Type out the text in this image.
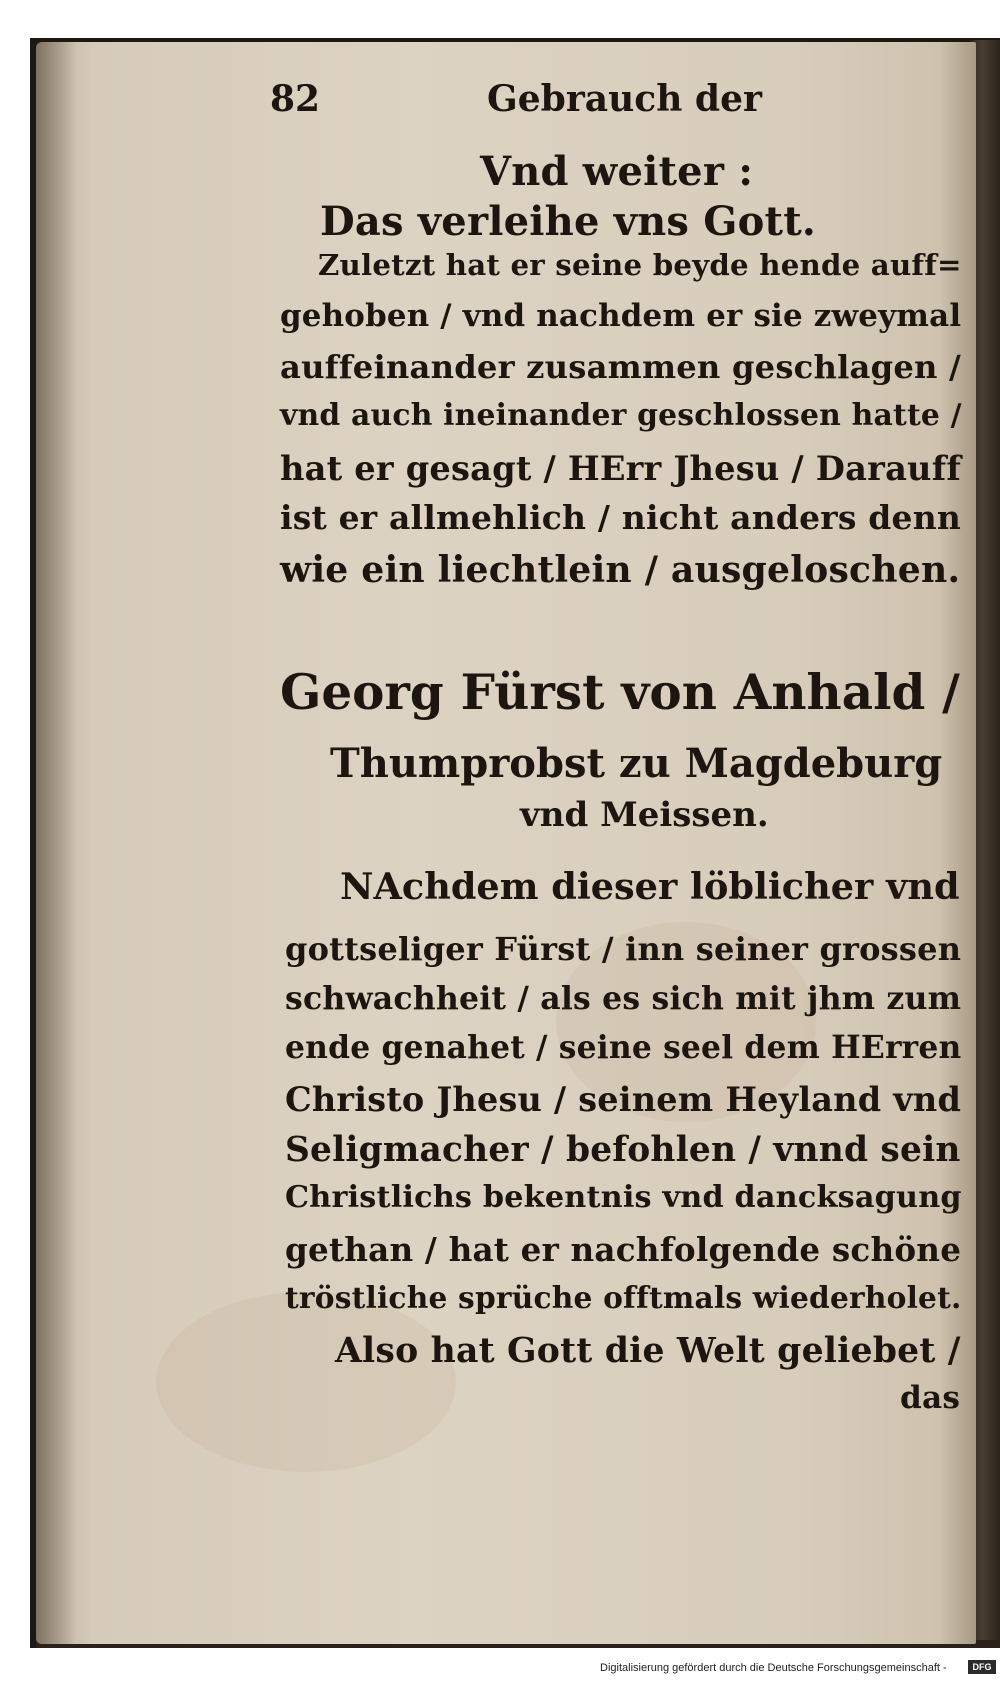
82	Gebrauch der
Vnd weiter :
Das verleihe vns Gott.
Zuletzt hat er seine beyde hende auff=
gehoben / vnd nachdem er sie zweymal
auffeinander zusammen geschlagen /
vnd auch ineinander geschlossen hatte /
hat er gesagt / HErr Jhesu / Darauff
ist er allmehlich / nicht anders denn
wie ein liechtlein / ausgeloschen.
Georg Fürst von Anhald /
Thumprobst zu Magdeburg
vnd Meissen.
NAchdem dieser löblicher vnd
gottseliger Fürst / inn seiner grossen
schwachheit / als es sich mit jhm zum
ende genahet / seine seel dem HErren
Christo Jhesu / seinem Heyland vnd
Seligmacher / befohlen / vnnd sein
Christlichs bekentnis vnd dancksagung
gethan / hat er nachfolgende schöne
tröstliche sprüche offtmals wiederholet.
Also hat Gott die Welt geliebet /
das
Digitalisierung gefördert durch die Deutsche Forschungsgemeinschaft -	DFG
